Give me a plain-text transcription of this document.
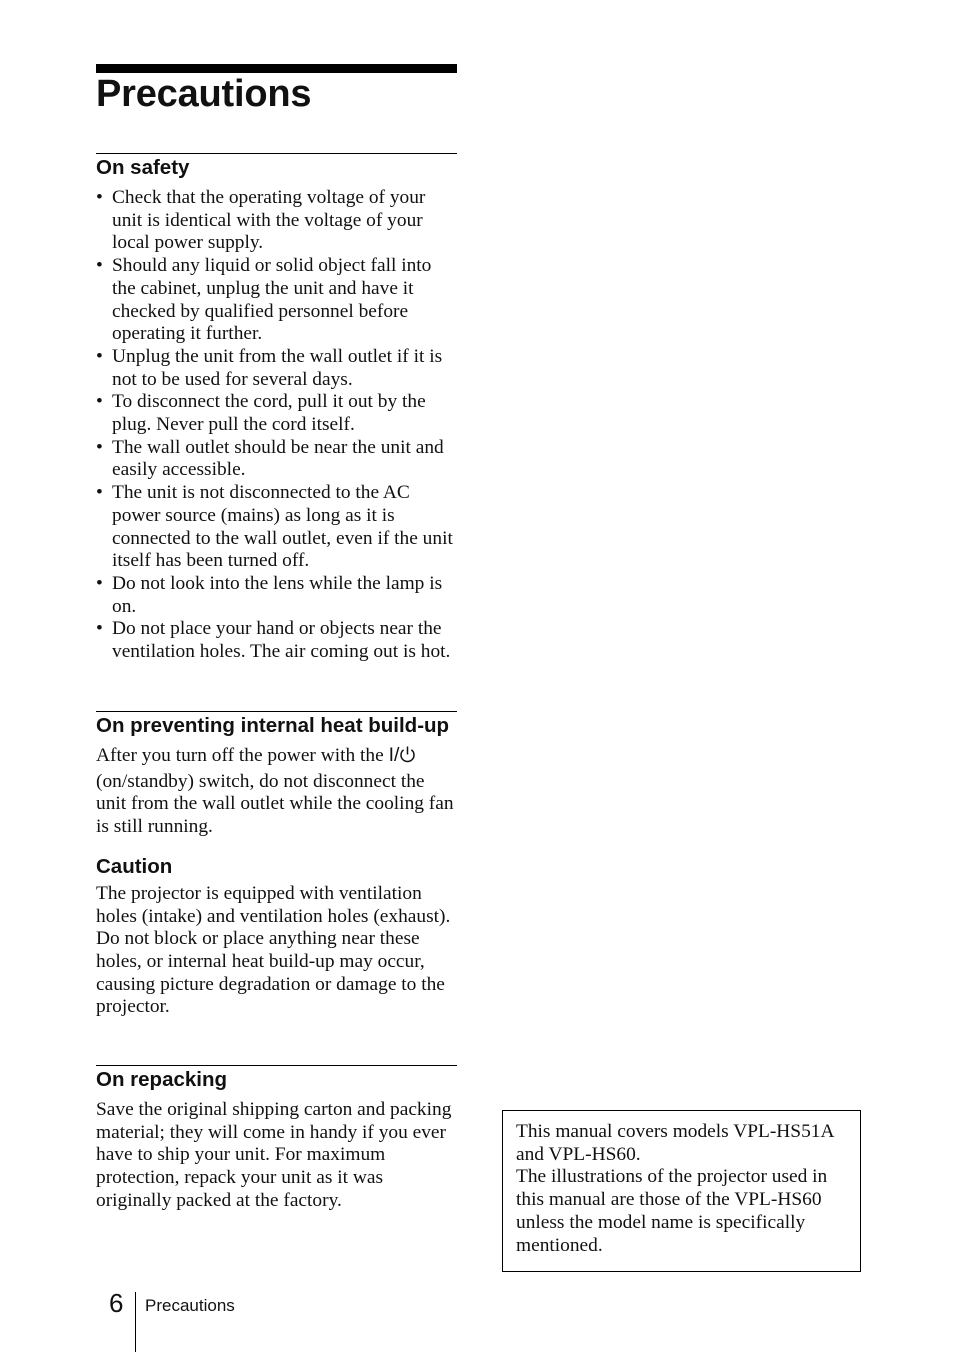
Precautions
On safety
• Check that the operating voltage of your unit is identical with the voltage of your local power supply.
• Should any liquid or solid object fall into the cabinet, unplug the unit and have it checked by qualified personnel before operating it further.
• Unplug the unit from the wall outlet if it is not to be used for several days.
• To disconnect the cord, pull it out by the plug. Never pull the cord itself.
• The wall outlet should be near the unit and easily accessible.
• The unit is not disconnected to the AC power source (mains) as long as it is connected to the wall outlet, even if the unit itself has been turned off.
• Do not look into the lens while the lamp is on.
• Do not place your hand or objects near the ventilation holes. The air coming out is hot.
On preventing internal heat build-up

After you turn off the power with the I/ (on/standby) switch, do not disconnect the unit from the wall outlet while the cooling fan is still running.

Caution

The projector is equipped with ventilation holes (intake) and ventilation holes (exhaust). Do not block or place anything near these holes, or internal heat build-up may occur, causing picture degradation or damage to the projector.

On repacking

Save the original shipping carton and packing material; they will come in handy if you ever have to ship your unit. For maximum protection, repack your unit as it was originally packed at the factory.

This manual covers models VPL-HS51A and VPL-HS60.

The illustrations of the projector used in this manual are those of the VPL-HS60 unless the model name is specifically mentioned.

6 Precautions
